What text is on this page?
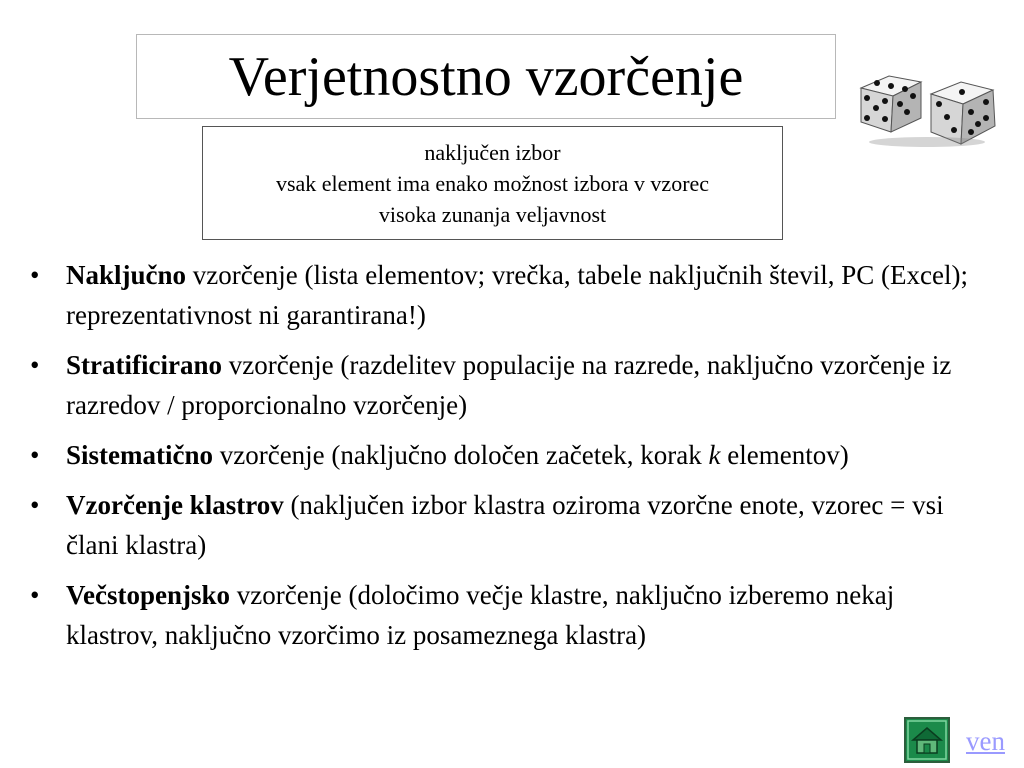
Verjetnostno vzorčenje
naključen izbor
vsak element ima enako možnost izbora v vzorec
visoka zunanja veljavnost
• Naključno vzorčenje (lista elementov; vrečka, tabele naključnih števil, PC (Excel); reprezentativnost ni garantirana!)
• Stratificirano vzorčenje (razdelitev populacije na razrede, naključno vzorčenje iz razredov / proporcionalno vzorčenje)
• Sistematično vzorčenje (naključno določen začetek, korak k elementov)
• Vzorčenje klastrov (naključen izbor klastra oziroma vzorčne enote, vzorec = vsi člani klastra)
• Večstopenjsko vzorčenje (določimo večje klastre, naključno izberemo nekaj klastrov, naključno vzorčimo iz posameznega klastra)
ven
